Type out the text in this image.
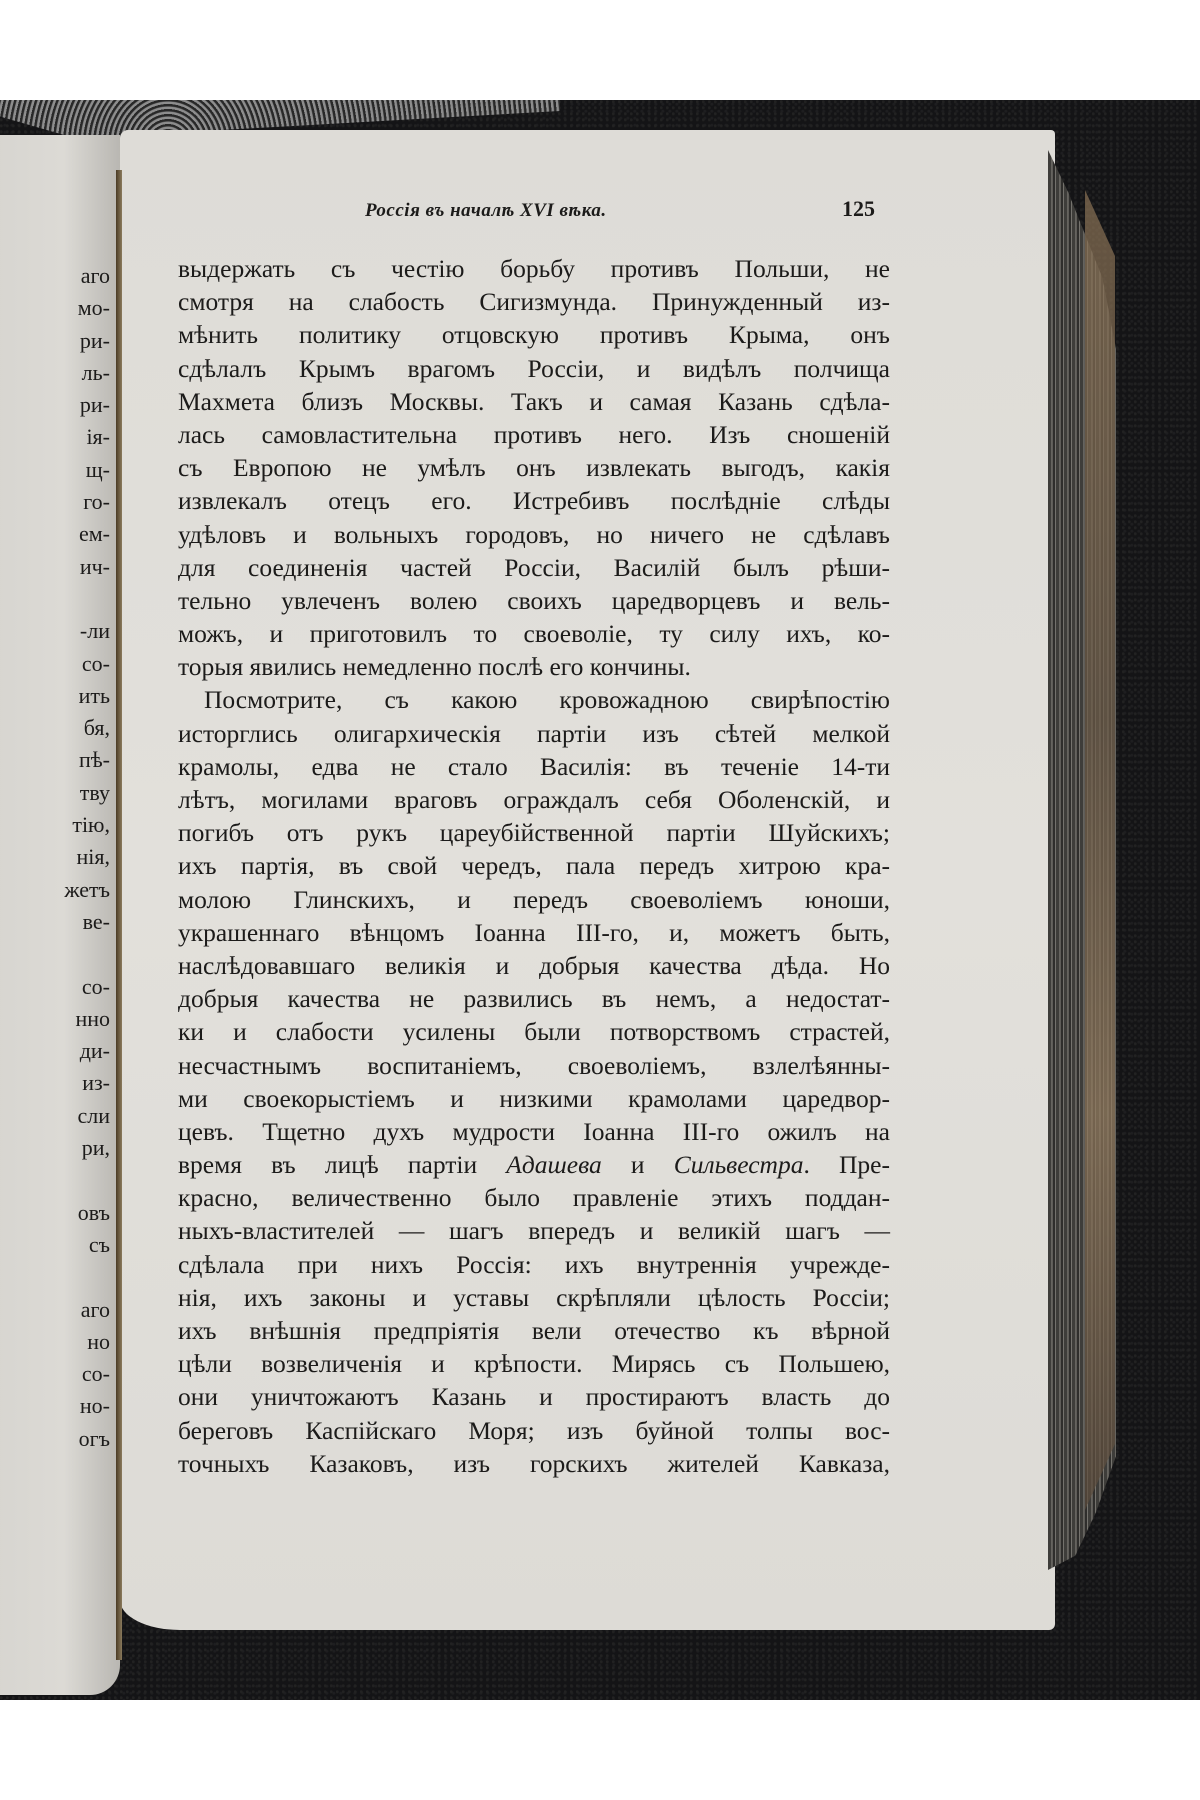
Россія въ началѣ XVI вѣка.	125
выдержать съ честію борьбу противъ Польши, не
смотря на слабость Сигизмунда. Принужденный из-
мѣнить политику отцовскую противъ Крыма, онъ
сдѣлалъ Крымъ врагомъ Россіи, и видѣлъ полчища
Махмета близъ Москвы. Такъ и самая Казань сдѣла-
лась самовластительна противъ него. Изъ сношеній
съ Европою не умѣлъ онъ извлекать выгодъ, какія
извлекалъ отецъ его. Истребивъ послѣдніе слѣды
удѣловъ и вольныхъ городовъ, но ничего не сдѣлавъ
для соединенія частей Россіи, Василій былъ рѣши-
тельно увлеченъ волею своихъ царедворцевъ и вель-
можъ, и приготовилъ то своеволіе, ту силу ихъ, ко-
торыя явились немедленно послѣ его кончины.
Посмотрите, съ какою кровожадною свирѣпостію
исторглись олигархическія партіи изъ сѣтей мелкой
крамолы, едва не стало Василія: въ теченіе 14-ти
лѣтъ, могилами враговъ ограждалъ себя Оболенскій, и
погибъ отъ рукъ цареубійственной партіи Шуйскихъ;
ихъ партія, въ свой чередъ, пала передъ хитрою кра-
молою Глинскихъ, и передъ своеволіемъ юноши,
украшеннаго вѣнцомъ Іоанна III-го, и, можетъ быть,
наслѣдовавшаго великія и добрыя качества дѣда. Но
добрыя качества не развились въ немъ, а недостат-
ки и слабости усилены были потворствомъ страстей,
несчастнымъ воспитаніемъ, своеволіемъ, взлелѣянны-
ми своекорыстіемъ и низкими крамолами царедвор-
цевъ. Тщетно духъ мудрости Іоанна III-го ожилъ на
время въ лицѣ партіи Адашева и Сильвестра. Пре-
красно, величественно было правленіе этихъ поддан-
ныхъ-властителей — шагъ впередъ и великій шагъ —
сдѣлала при нихъ Россія: ихъ внутреннія учрежде-
нія, ихъ законы и уставы скрѣпляли цѣлость Россіи;
ихъ внѣшнія предпріятія вели отечество къ вѣрной
цѣли возвеличенія и крѣпости. Мирясь съ Польшею,
они уничтожаютъ Казань и простираютъ власть до
береговъ Каспійскаго Моря; изъ буйной толпы вос-
точныхъ Казаковъ, изъ горскихъ жителей Кавказа,
аго
мо-
ри-
ль-
ри-
ія-
щ-
го-
ем-
ич-

-ли
со-
ить
бя,
пѣ-
тву
тію,
нія,
жетъ
ве-

со-
нно
ди-
из-
сли
ри,

овъ
съ

аго
но
со-
но-
огъ
